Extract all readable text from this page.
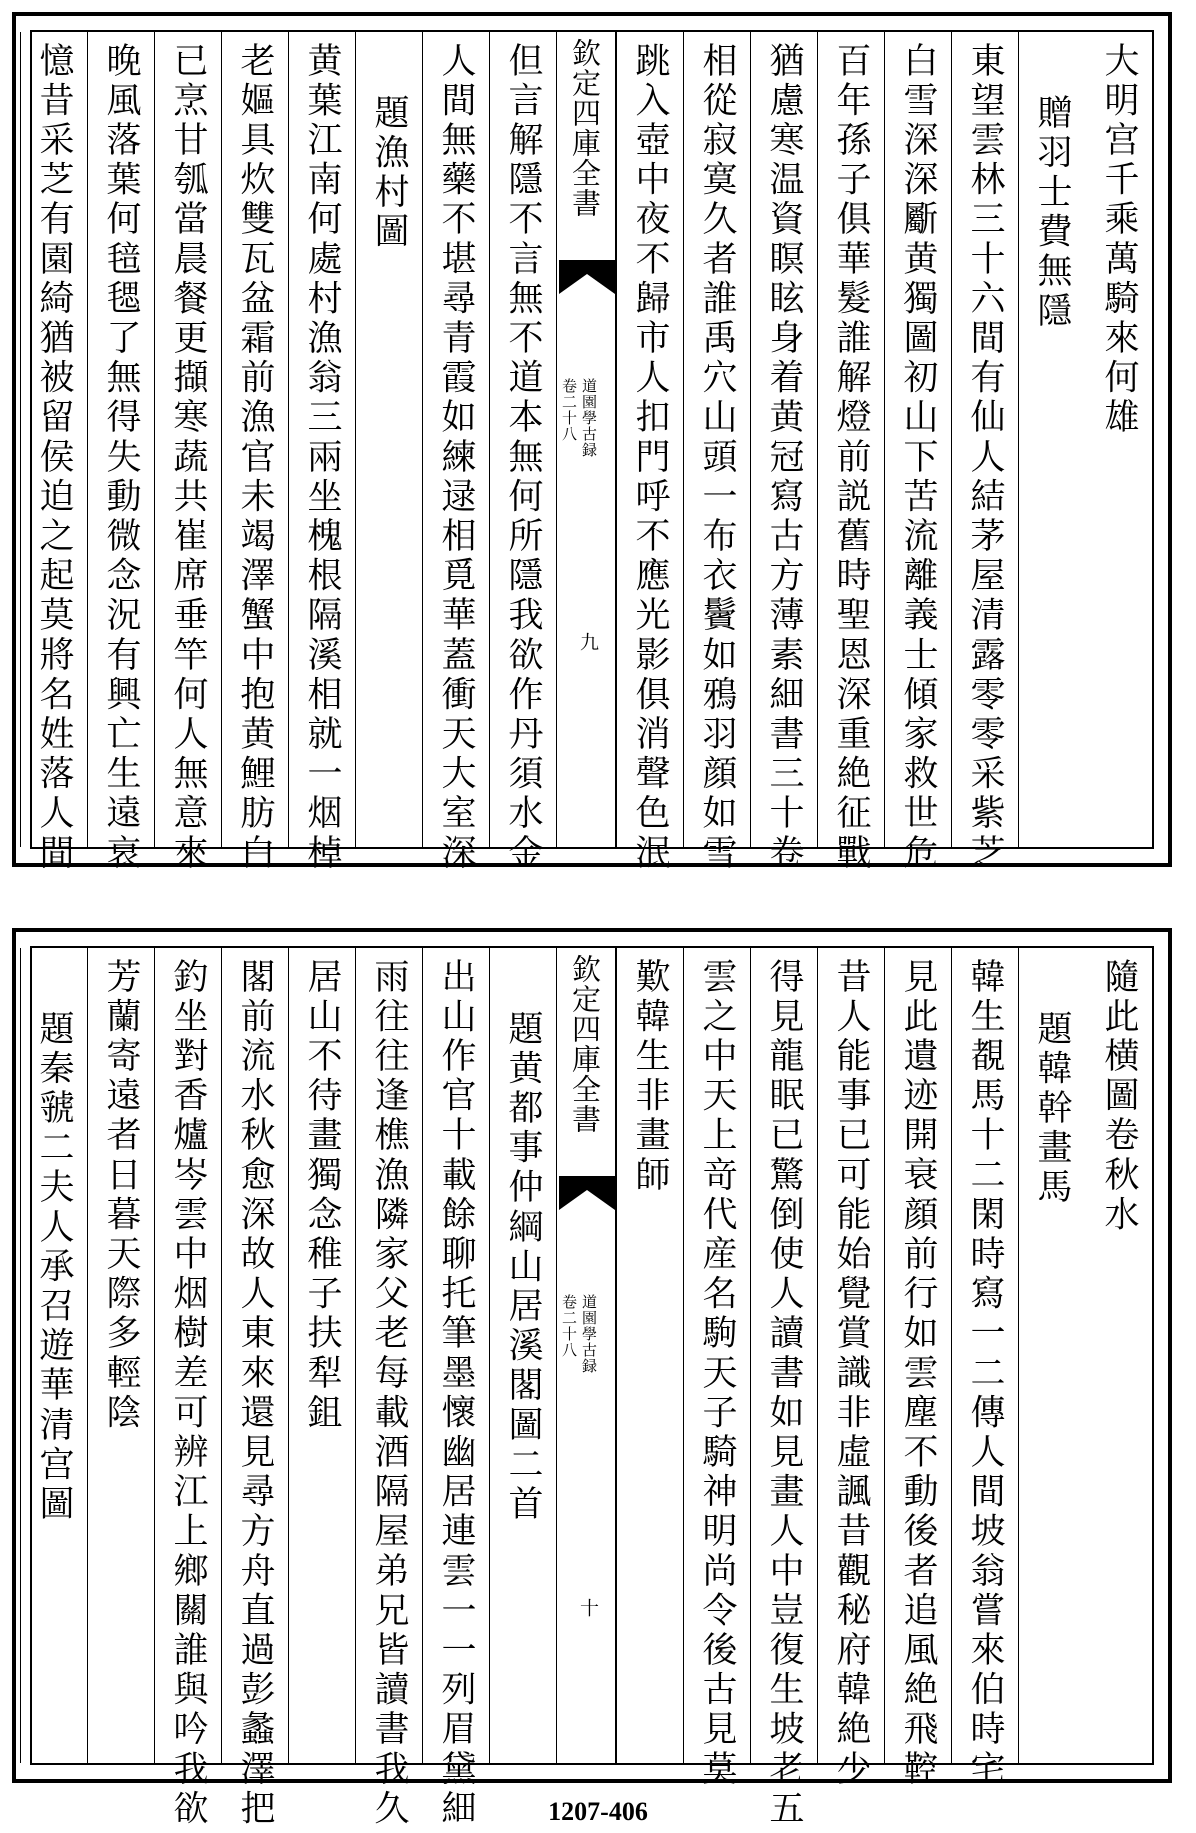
大明宫千乘萬騎來何雄
贈羽士費無隱
東望雲林三十六間有仙人結茅屋清露零零采紫芝
白雪深深斸黄獨圖初山下苦流離義士傾家救世危
百年孫子俱華髮誰解燈前説舊時聖恩深重絶征戰
猶慮寒温資瞑眩身着黄冠寫古方薄素細書三十卷
相從寂寞久者誰禹穴山頭一布衣鬢如鴉羽顔如雪
跳入壺中夜不歸市人扣門呼不應光影俱消聲色泯
欽定四庫全書
道園學古録
卷二十八
九
但言解隱不言無不道本無何所隱我欲作丹須水金
人間無藥不堪尋青霞如練逯相覓華蓋衝天大室深
題漁村圖
黄葉江南何處村漁翁三兩坐槐根隔溪相就一烟棹
老嫗具炊雙瓦盆霜前漁官未竭澤蟹中抱黄鯉肪白
已烹甘瓠當晨餐更擷寒蔬共崔席垂竿何人無意來
晚風落葉何毰毸了無得失動微念況有興亡生遠哀
憶昔采芝有園綺猶被留侯迫之起莫將名姓落人間
隨此横圖卷秋水
題韓幹畫馬
韓生覩馬十二閑時寫一二傳人間坡翁嘗來伯時宅
見此遺迹開衰顔前行如雲塵不動後者追風絶飛鞚
昔人能事已可能始覺賞識非虛諷昔觀秘府韓絶少
得見龍眠已驚倒使人讀書如見畫人中豈復生坡老五
雲之中天上竒代産名駒天子騎神明尚令後古見莫
歎韓生非畫師
欽定四庫全書
道園學古録
卷二十八
十
題黄都事仲綱山居溪閣圖二首
出山作官十載餘聊托筆墨懷幽居連雲一一列眉黛細
雨往往逢樵漁隣家父老每載酒隔屋弟兄皆讀書我久
居山不待畫獨念稚子扶犁鉏
閣前流水秋愈深故人東來還見尋方舟直過彭蠡澤把
釣坐對香爐岑雲中烟樹差可辨江上鄉關誰與吟我欲
芳蘭寄遠者日暮天際多輕陰
題秦虢二夫人承召遊華清宫圖
1207-406
